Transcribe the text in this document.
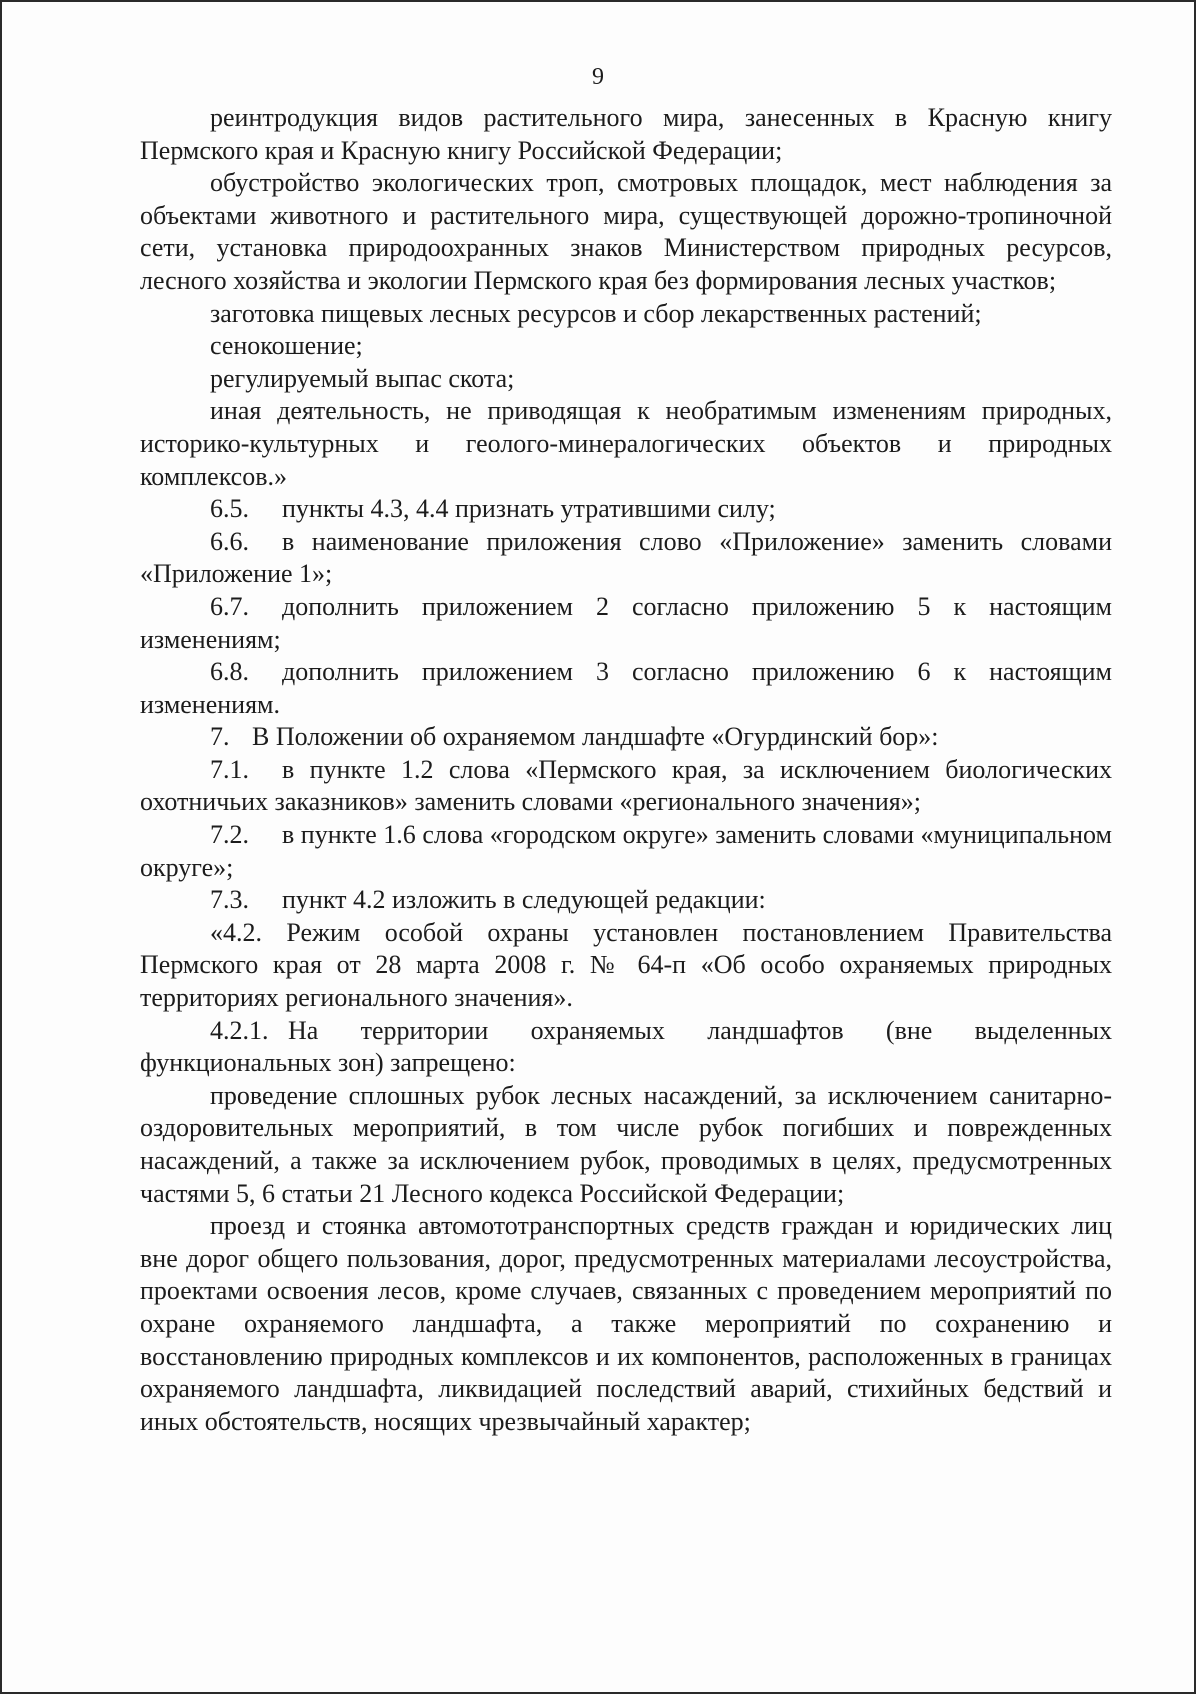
9

реинтродукция видов растительного мира, занесенных в Красную книгу Пермского края и Красную книгу Российской Федерации;

обустройство экологических троп, смотровых площадок, мест наблюдения за объектами животного и растительного мира, существующей дорожно-тропиночной сети, установка природоохранных знаков Министерством природных ресурсов, лесного хозяйства и экологии Пермского края без формирования лесных участков;

заготовка пищевых лесных ресурсов и сбор лекарственных растений;

сенокошение;

регулируемый выпас скота;

иная деятельность, не приводящая к необратимым изменениям природных, историко-культурных и геолого-минералогических объектов и природных комплексов.»

6.5. пункты 4.3, 4.4 признать утратившими силу;

6.6. в наименование приложения слово «Приложение» заменить словами «Приложение 1»;

6.7. дополнить приложением 2 согласно приложению 5 к настоящим изменениям;

6.8. дополнить приложением 3 согласно приложению 6 к настоящим изменениям.

7. В Положении об охраняемом ландшафте «Огурдинский бор»:

7.1. в пункте 1.2 слова «Пермского края, за исключением биологических охотничьих заказников» заменить словами «регионального значения»;

7.2. в пункте 1.6 слова «городском округе» заменить словами «муниципальном округе»;

7.3. пункт 4.2 изложить в следующей редакции:

«4.2. Режим особой охраны установлен постановлением Правительства Пермского края от 28 марта 2008 г. № 64-п «Об особо охраняемых природных территориях регионального значения».

4.2.1. На территории охраняемых ландшафтов (вне выделенных функциональных зон) запрещено:

проведение сплошных рубок лесных насаждений, за исключением санитарно-оздоровительных мероприятий, в том числе рубок погибших и поврежденных насаждений, а также за исключением рубок, проводимых в целях, предусмотренных частями 5, 6 статьи 21 Лесного кодекса Российской Федерации;

проезд и стоянка автомототранспортных средств граждан и юридических лиц вне дорог общего пользования, дорог, предусмотренных материалами лесоустройства, проектами освоения лесов, кроме случаев, связанных с проведением мероприятий по охране охраняемого ландшафта, а также мероприятий по сохранению и восстановлению природных комплексов и их компонентов, расположенных в границах охраняемого ландшафта, ликвидацией последствий аварий, стихийных бедствий и иных обстоятельств, носящих чрезвычайный характер;
